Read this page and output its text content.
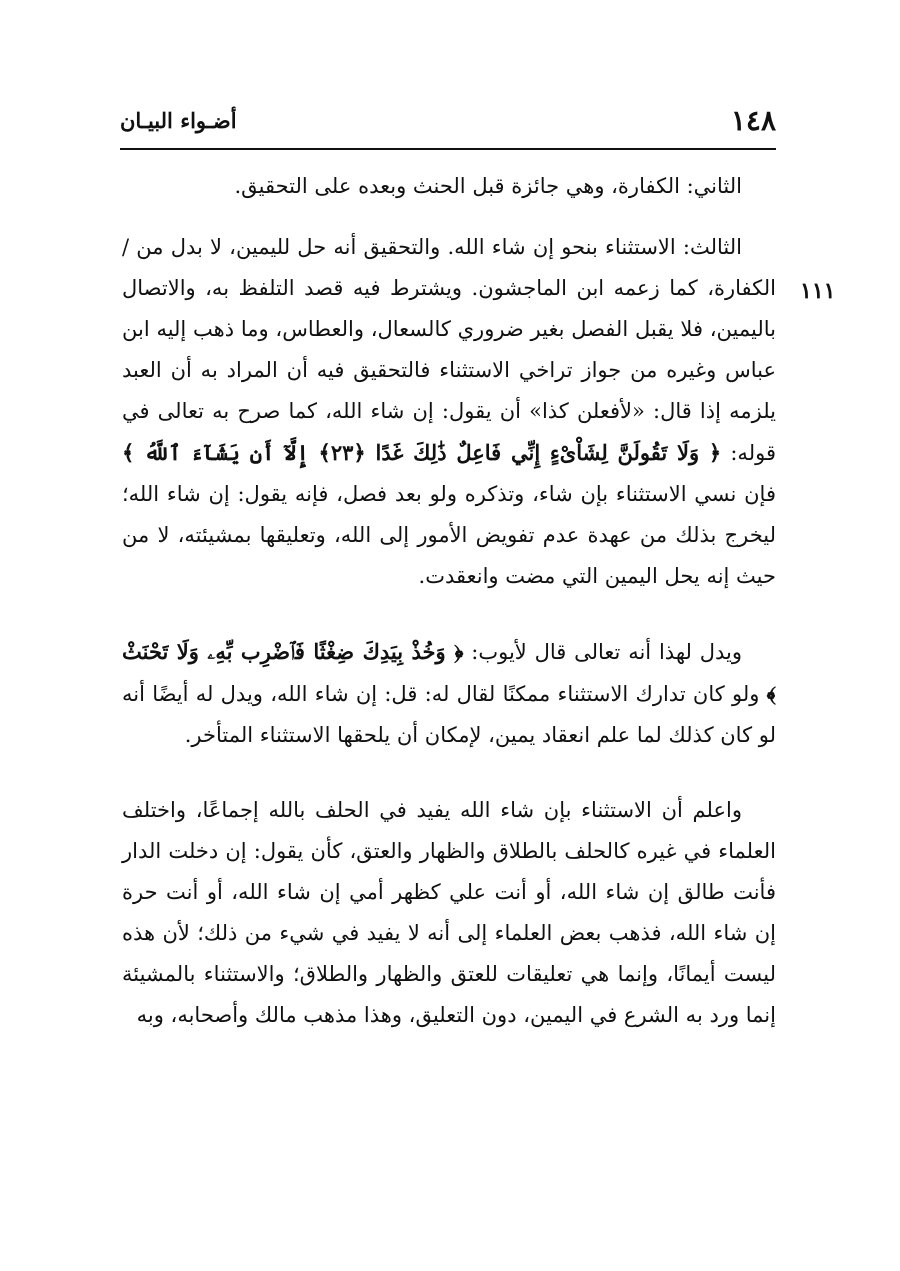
١٤٨
أضـواء البيـان
١١١

الثاني: الكفارة، وهي جائزة قبل الحنث وبعده على التحقيق.

الثالث: الاستثناء بنحو إن شاء الله. والتحقيق أنه حل لليمين، لا بدل من / الكفارة، كما زعمه ابن الماجشون. ويشترط فيه قصد التلفظ به، والاتصال باليمين، فلا يقبل الفصل بغير ضروري كالسعال، والعطاس، وما ذهب إليه ابن عباس وغيره من جواز تراخي الاستثناء فالتحقيق فيه أن المراد به أن العبد يلزمه إذا قال: «لأفعلن كذا» أن يقول: إن شاء الله، كما صرح به تعالى في قوله: ﴿ وَلَا تَقُولَنَّ لِشَاْىْءٍ إِنِّي فَاعِلٌ ذَٰلِكَ غَدًا ﴿٢٣﴾ إِلَّآ أَن يَشَآءَ ٱللَّهُ ﴾ فإن نسي الاستثناء بإن شاء، وتذكره ولو بعد فصل، فإنه يقول: إن شاء الله؛ ليخرج بذلك من عهدة عدم تفويض الأمور إلى الله، وتعليقها بمشيئته، لا من حيث إنه يحل اليمين التي مضت وانعقدت.

ويدل لهذا أنه تعالى قال لأيوب: ﴿ وَخُذْ بِيَدِكَ ضِغْثًا فَٱضْرِب بِّهِۦ وَلَا تَحْنَثْ ﴾ ولو كان تدارك الاستثناء ممكنًا لقال له: قل: إن شاء الله، ويدل له أيضًا أنه لو كان كذلك لما علم انعقاد يمين، لإمكان أن يلحقها الاستثناء المتأخر.

واعلم أن الاستثناء بإن شاء الله يفيد في الحلف بالله إجماعًا، واختلف العلماء في غيره كالحلف بالطلاق والظهار والعتق، كأن يقول: إن دخلت الدار فأنت طالق إن شاء الله، أو أنت علي كظهر أمي إن شاء الله، أو أنت حرة إن شاء الله، فذهب بعض العلماء إلى أنه لا يفيد في شيء من ذلك؛ لأن هذه ليست أيمانًا، وإنما هي تعليقات للعتق والظهار والطلاق؛ والاستثناء بالمشيئة إنما ورد به الشرع في اليمين، دون التعليق، وهذا مذهب مالك وأصحابه، وبه
